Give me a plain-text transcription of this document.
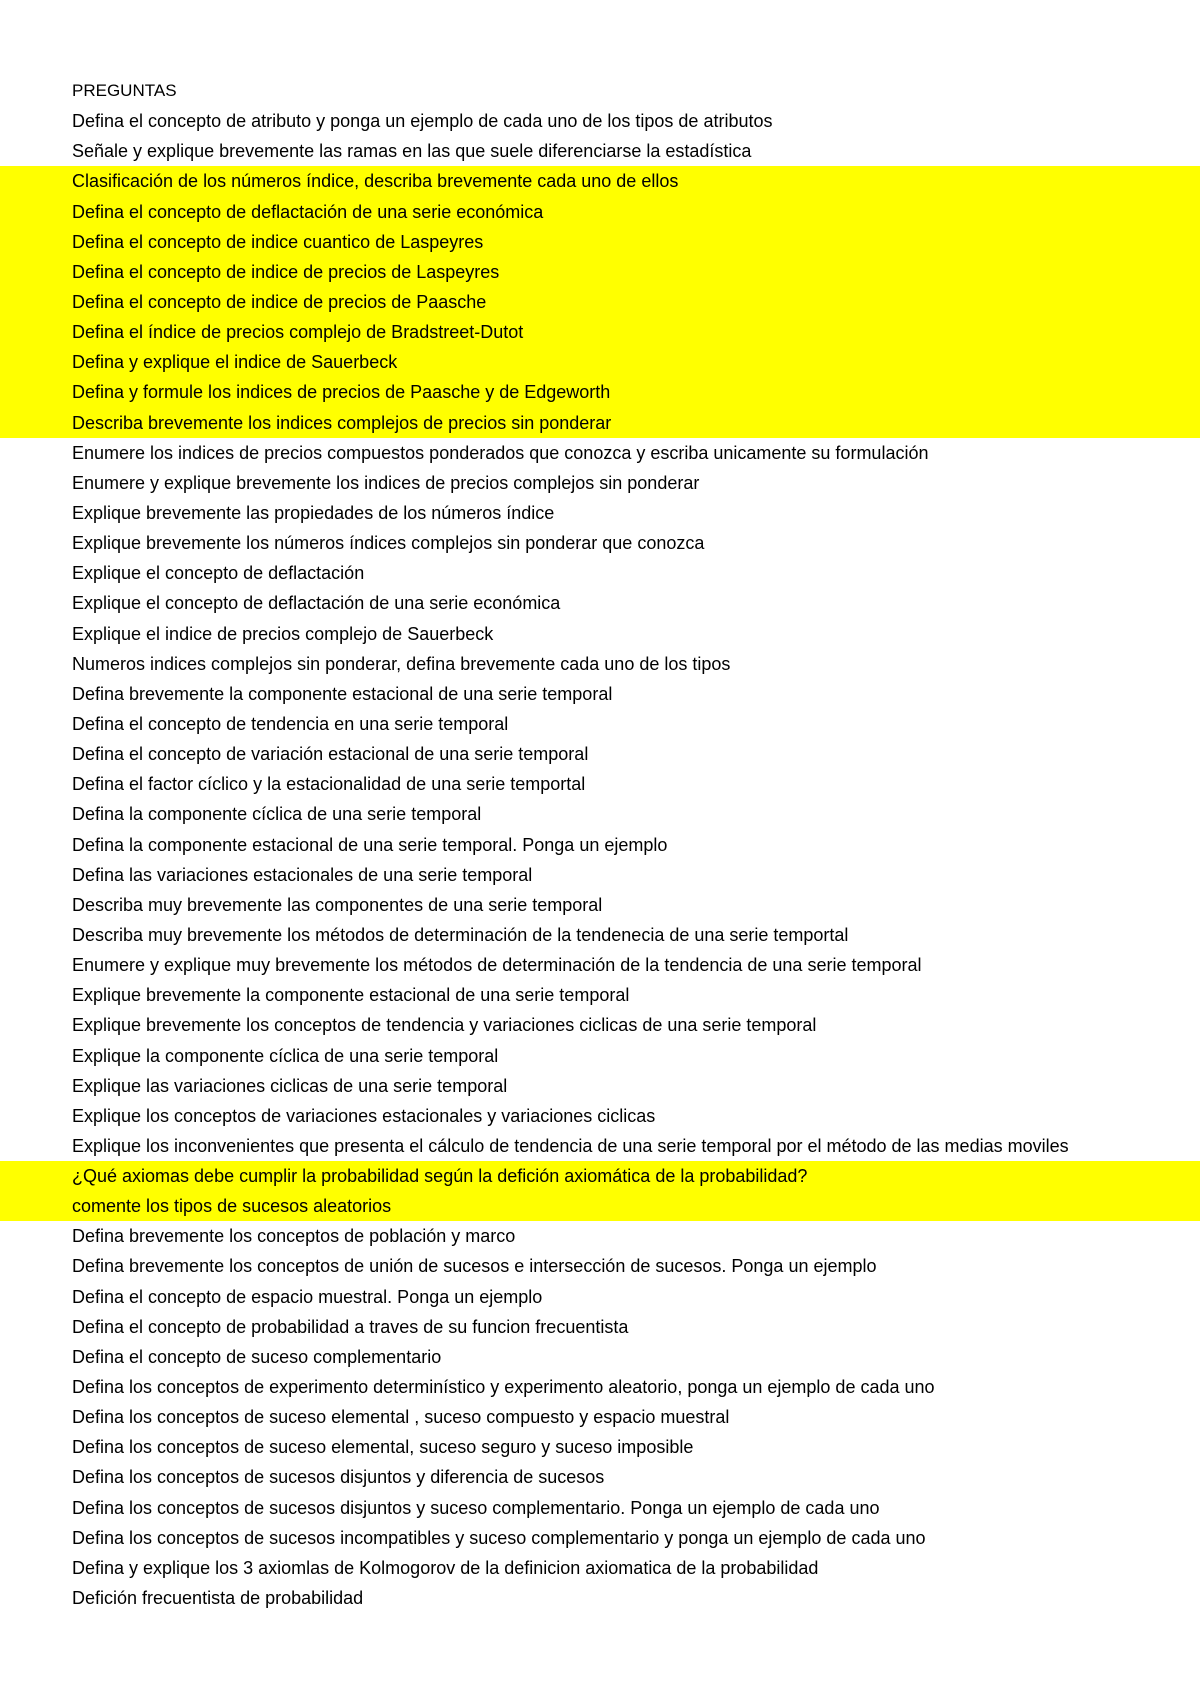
PREGUNTAS
Defina el concepto de atributo y ponga un ejemplo de cada uno de los tipos de atributos
Señale y explique brevemente las ramas en las que suele diferenciarse la estadística
Clasificación de los números índice, describa brevemente cada uno de ellos
Defina el concepto de deflactación de una serie económica
Defina el concepto de indice cuantico de Laspeyres
Defina el concepto de indice de precios de Laspeyres
Defina el concepto de indice de precios de Paasche
Defina el índice de precios complejo de Bradstreet-Dutot
Defina y explique el indice de Sauerbeck
Defina y formule los indices de precios de Paasche y de Edgeworth
Describa brevemente los indices complejos de precios sin ponderar
Enumere los indices de precios compuestos ponderados que conozca y escriba unicamente su formulación
Enumere y explique brevemente los indices de precios complejos sin ponderar
Explique brevemente las propiedades de los números índice
Explique brevemente los números índices complejos sin ponderar que conozca
Explique el concepto de deflactación
Explique el concepto de deflactación de una serie económica
Explique el indice de precios complejo de Sauerbeck
Numeros indices complejos sin ponderar, defina brevemente cada uno de los tipos
Defina brevemente la componente estacional de una serie temporal
Defina el concepto de tendencia en una serie temporal
Defina el concepto de variación estacional de una serie temporal
Defina el factor cíclico y la estacionalidad de una serie temportal
Defina la componente cíclica de una serie temporal
Defina la componente estacional de una serie temporal. Ponga un ejemplo
Defina las variaciones estacionales de una serie temporal
Describa muy brevemente las componentes de una serie temporal
Describa muy brevemente los métodos de determinación de la tendenecia de una serie temportal
Enumere y explique muy brevemente los métodos de determinación de la tendencia de una serie temporal
Explique brevemente la componente estacional de una serie temporal
Explique brevemente los conceptos de tendencia y variaciones ciclicas de una serie temporal
Explique la componente cíclica de una serie temporal
Explique las variaciones ciclicas de una serie temporal
Explique los conceptos de variaciones estacionales y variaciones ciclicas
Explique los inconvenientes que presenta el cálculo de tendencia de una serie temporal por el método de las medias moviles
¿Qué axiomas debe cumplir la probabilidad según la defición axiomática de la probabilidad?
comente los tipos de sucesos aleatorios
Defina brevemente los conceptos de población y marco
Defina brevemente los conceptos de unión de sucesos e intersección de sucesos. Ponga un ejemplo
Defina el concepto de espacio muestral. Ponga un ejemplo
Defina el concepto de probabilidad a traves de su funcion frecuentista
Defina el concepto de suceso complementario
Defina los conceptos de experimento determinístico y experimento aleatorio, ponga un ejemplo de cada uno
Defina los conceptos de suceso elemental , suceso compuesto y espacio muestral
Defina los conceptos de suceso elemental, suceso seguro y suceso imposible
Defina los conceptos de sucesos disjuntos y diferencia de sucesos
Defina los conceptos de sucesos disjuntos y suceso complementario. Ponga un ejemplo de cada uno
Defina los conceptos de sucesos incompatibles y suceso complementario y ponga un ejemplo de cada uno
Defina y explique los 3 axiomlas de Kolmogorov de la definicion axiomatica de la probabilidad
Defición frecuentista de probabilidad
